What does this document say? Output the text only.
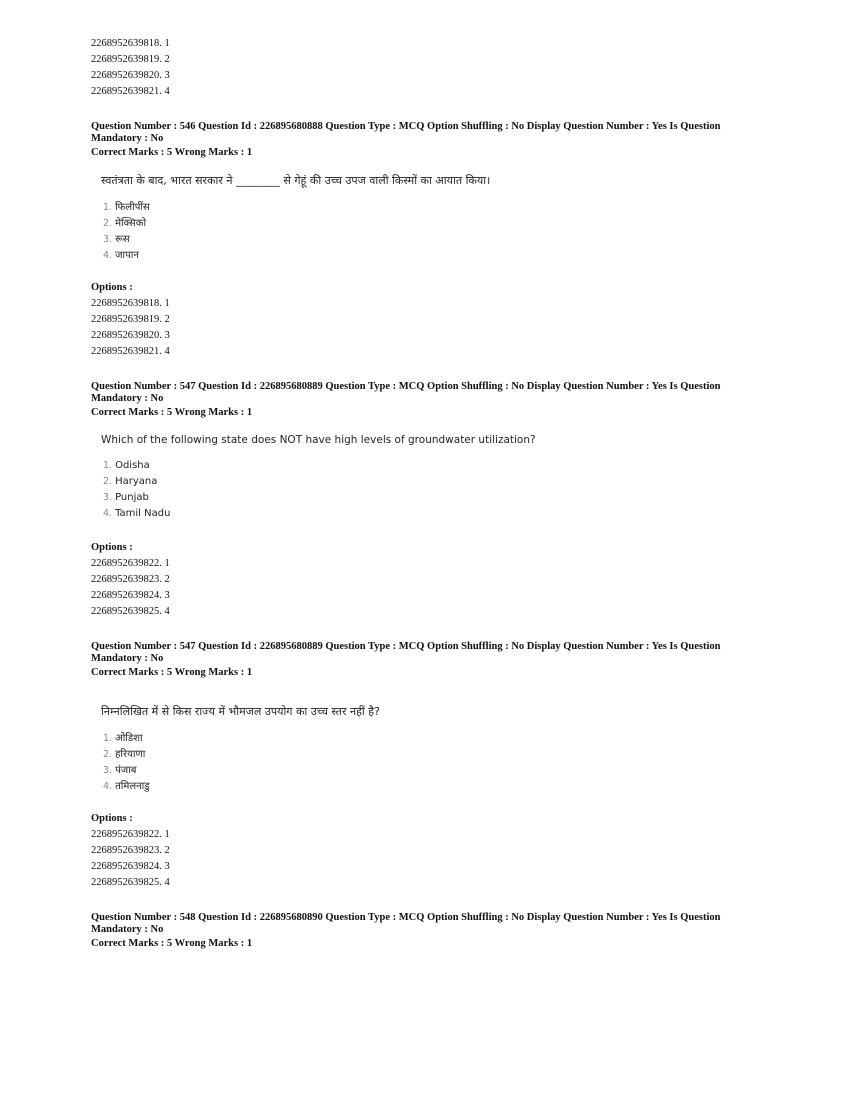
2268952639818. 1
2268952639819. 2
2268952639820. 3
2268952639821. 4
Question Number : 546 Question Id : 226895680888 Question Type : MCQ Option Shuffling : No Display Question Number : Yes Is Question Mandatory : No
Correct Marks : 5 Wrong Marks : 1
स्वतंत्रता के बाद, भारत सरकार ने ________ से गेहूं की उच्च उपज वाली किस्मों का आयात किया।
1. फिलीपींस
2. मेक्सिको
3. रूस
4. जापान
Options :
2268952639818. 1
2268952639819. 2
2268952639820. 3
2268952639821. 4
Question Number : 547 Question Id : 226895680889 Question Type : MCQ Option Shuffling : No Display Question Number : Yes Is Question Mandatory : No
Correct Marks : 5 Wrong Marks : 1
Which of the following state does NOT have high levels of groundwater utilization?
1. Odisha
2. Haryana
3. Punjab
4. Tamil Nadu
Options :
2268952639822. 1
2268952639823. 2
2268952639824. 3
2268952639825. 4
Question Number : 547 Question Id : 226895680889 Question Type : MCQ Option Shuffling : No Display Question Number : Yes Is Question Mandatory : No
Correct Marks : 5 Wrong Marks : 1
निम्नलिखित में से किस राज्य में भौमजल उपयोग का उच्च स्तर नहीं है?
1. ओडिशा
2. हरियाणा
3. पंजाब
4. तमिलनाडु
Options :
2268952639822. 1
2268952639823. 2
2268952639824. 3
2268952639825. 4
Question Number : 548 Question Id : 226895680890 Question Type : MCQ Option Shuffling : No Display Question Number : Yes Is Question Mandatory : No
Correct Marks : 5 Wrong Marks : 1
